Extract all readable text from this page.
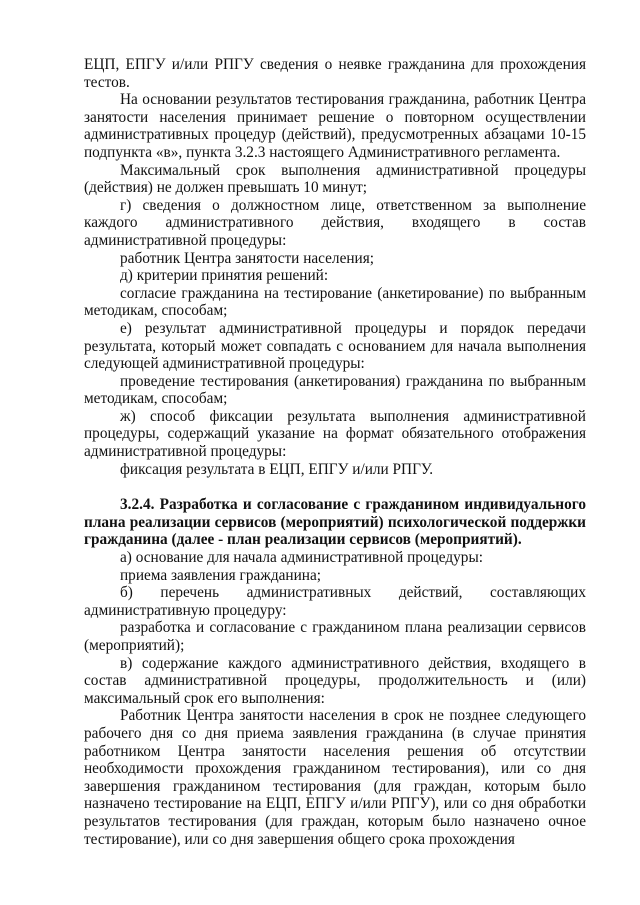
ЕЦП, ЕПГУ и/или РПГУ сведения о неявке гражданина для прохождения тестов.

На основании результатов тестирования гражданина, работник Центра занятости населения принимает решение о повторном осуществлении административных процедур (действий), предусмотренных абзацами 10-15 подпункта «в», пункта 3.2.3 настоящего Административного регламента.

Максимальный срок выполнения административной процедуры (действия) не должен превышать 10 минут;

г) сведения о должностном лице, ответственном за выполнение каждого административного действия, входящего в состав административной процедуры:

работник Центра занятости населения;

д) критерии принятия решений:

согласие гражданина на тестирование (анкетирование) по выбранным методикам, способам;

е) результат административной процедуры и порядок передачи результата, который может совпадать с основанием для начала выполнения следующей административной процедуры:

проведение тестирования (анкетирования) гражданина по выбранным методикам, способам;

ж) способ фиксации результата выполнения административной процедуры, содержащий указание на формат обязательного отображения административной процедуры:

фиксация результата в ЕЦП, ЕПГУ и/или РПГУ.

3.2.4. Разработка и согласование с гражданином индивидуального плана реализации сервисов (мероприятий) психологической поддержки гражданина (далее - план реализации сервисов (мероприятий).

а) основание для начала административной процедуры:

приема заявления гражданина;

б) перечень административных действий, составляющих административную процедуру:

разработка и согласование с гражданином плана реализации сервисов (мероприятий);

в) содержание каждого административного действия, входящего в состав административной процедуры, продолжительность и (или) максимальный срок его выполнения:

Работник Центра занятости населения в срок не позднее следующего рабочего дня со дня приема заявления гражданина (в случае принятия работником Центра занятости населения решения об отсутствии необходимости прохождения гражданином тестирования), или со дня завершения гражданином тестирования (для граждан, которым было назначено тестирование на ЕЦП, ЕПГУ и/или РПГУ), или со дня обработки результатов тестирования (для граждан, которым было назначено очное тестирование), или со дня завершения общего срока прохождения
